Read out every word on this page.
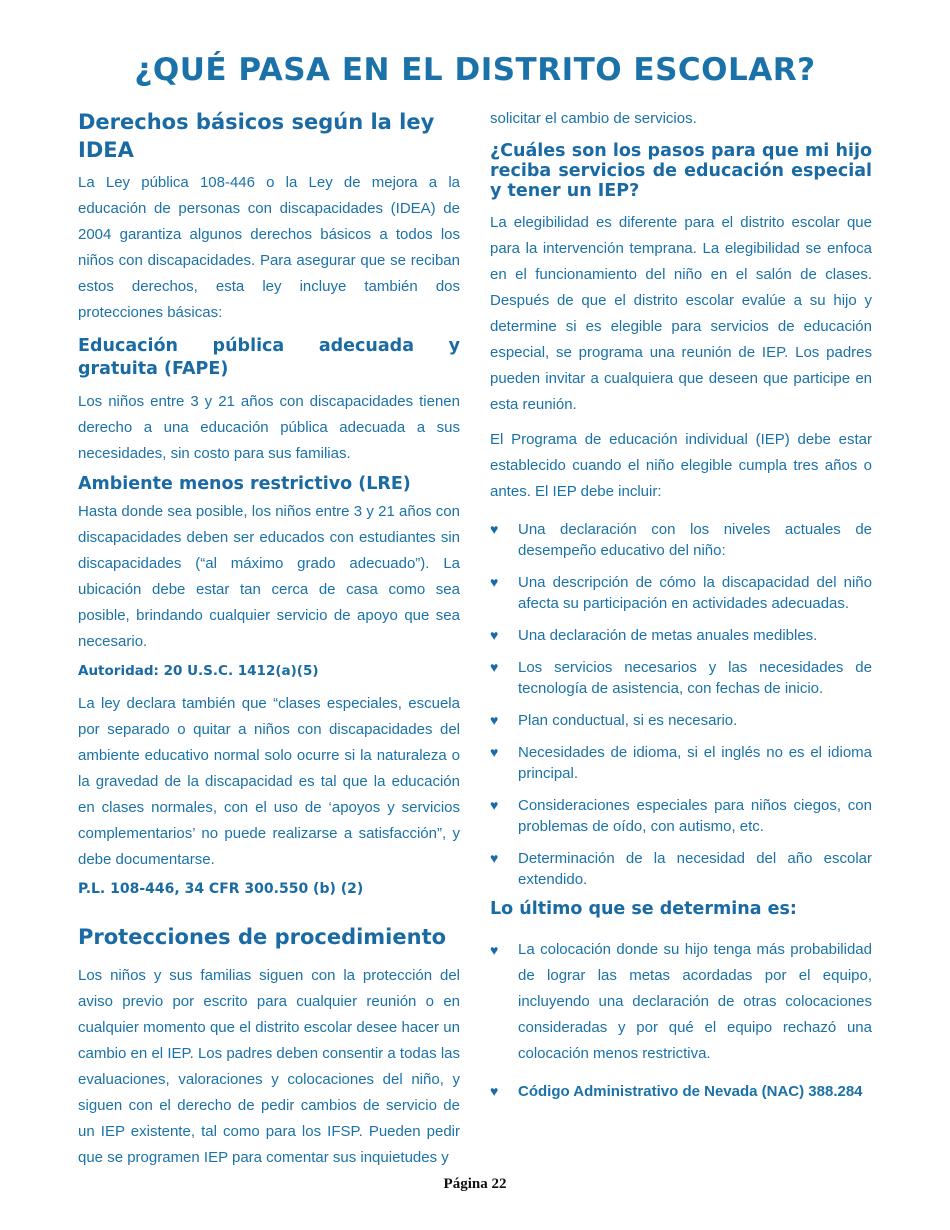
¿QUÉ PASA EN EL DISTRITO ESCOLAR?
Derechos básicos según la ley IDEA

La Ley pública 108-446 o la Ley de mejora a la educación de personas con discapacidades (IDEA) de 2004 garantiza algunos derechos básicos a todos los niños con discapacidades. Para asegurar que se reciban estos derechos, esta ley incluye también dos protecciones básicas:

Educación pública adecuada y gratuita (FAPE)

Los niños entre 3 y 21 años con discapacidades tienen derecho a una educación pública adecuada a sus necesidades, sin costo para sus familias.

Ambiente menos restrictivo (LRE)

Hasta donde sea posible, los niños entre 3 y 21 años con discapacidades deben ser educados con estudiantes sin discapacidades (“al máximo grado adecuado”). La ubicación debe estar tan cerca de casa como sea posible, brindando cualquier servicio de apoyo que sea necesario.

Autoridad: 20 U.S.C. 1412(a)(5)

La ley declara también que “clases especiales, escuela por separado o quitar a niños con discapacidades del ambiente educativo normal solo ocurre si la naturaleza o la gravedad de la discapacidad es tal que la educación en clases normales, con el uso de ‘apoyos y servicios complementarios’ no puede realizarse a satisfacción”, y debe documentarse.

P.L. 108-446, 34 CFR 300.550 (b) (2)
Protecciones de procedimiento

Los niños y sus familias siguen con la protección del aviso previo por escrito para cualquier reunión o en cualquier momento que el distrito escolar desee hacer un cambio en el IEP. Los padres deben consentir a todas las evaluaciones, valoraciones y colocaciones del niño, y siguen con el derecho de pedir cambios de servicio de un IEP existente, tal como para los IFSP. Pueden pedir que se programen IEP para comentar sus inquietudes y

solicitar el cambio de servicios.

¿Cuáles son los pasos para que mi hijo reciba servicios de educación especial y tener un IEP?

La elegibilidad es diferente para el distrito escolar que para la intervención temprana. La elegibilidad se enfoca en el funcionamiento del niño en el salón de clases. Después de que el distrito escolar evalúe a su hijo y determine si es elegible para servicios de educación especial, se programa una reunión de IEP. Los padres pueden invitar a cualquiera que deseen que participe en esta reunión.

El Programa de educación individual (IEP) debe estar establecido cuando el niño elegible cumpla tres años o antes. El IEP debe incluir:

♥ Una declaración con los niveles actuales de desempeño educativo del niño:
♥ Una descripción de cómo la discapacidad del niño afecta su participación en actividades adecuadas.
♥ Una declaración de metas anuales medibles.
♥ Los servicios necesarios y las necesidades de tecnología de asistencia, con fechas de inicio.
♥ Plan conductual, si es necesario.
♥ Necesidades de idioma, si el inglés no es el idioma principal.
♥ Consideraciones especiales para niños ciegos, con problemas de oído, con autismo, etc.
♥ Determinación de la necesidad del año escolar extendido.
Lo último que se determina es:
♥ La colocación donde su hijo tenga más probabilidad de lograr las metas acordadas por el equipo, incluyendo una declaración de otras colocaciones consideradas y por qué el equipo rechazó una colocación menos restrictiva.
♥ Código Administrativo de Nevada (NAC) 388.284
Página 22
